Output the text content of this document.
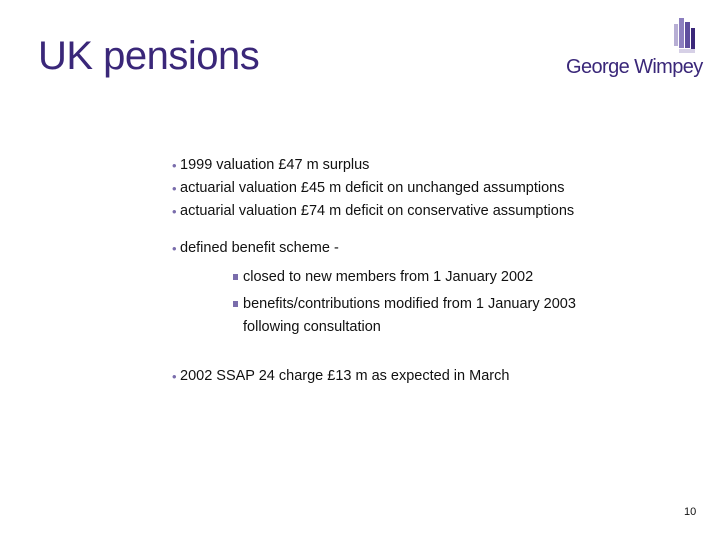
UK pensions	George Wimpey
• 1999 valuation £47 m surplus
• actuarial valuation £45 m deficit on unchanged assumptions
• actuarial valuation £74 m deficit on conservative assumptions
• defined benefit scheme -
closed to new members from 1 January 2002
benefits/contributions modified from 1 January 2003 following consultation
• 2002 SSAP 24 charge £13 m as expected in March
10
